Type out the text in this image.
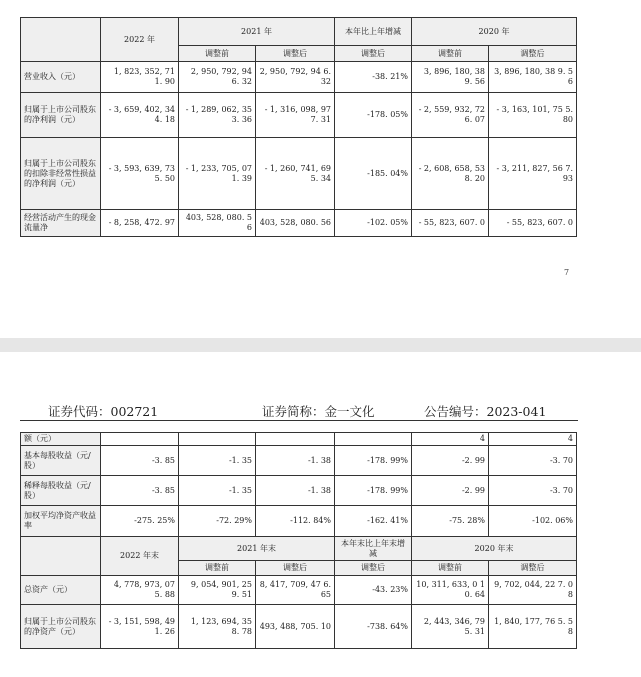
	2022 年	2021 年		本年比上年增减	2020 年	
		调整前	调整后	调整后	调整前	调整后
营业收入（元）	1, 823, 352, 71 1. 90	2, 950, 792, 94 6. 32	2, 950, 792, 94 6. 32	-38. 21%	3, 896, 180, 38 9. 56	3, 896, 180, 38 9. 56
归属于上市公司股东的净利润（元）	- 3, 659, 402, 34 4. 18	- 1, 289, 062, 35 3. 36	- 1, 316, 098, 97 7. 31	-178. 05%	- 2, 559, 932, 72 6. 07	- 3, 163, 101, 75 5. 80
归属于上市公司股东的扣除非经常性损益的净利润（元）	- 3, 593, 639, 73 5. 50	- 1, 233, 705, 07 1. 39	- 1, 260, 741, 69 5. 34	-185. 04%	- 2, 608, 658, 53 8. 20	- 3, 211, 827, 56 7. 93
经营活动产生的现金流量净	- 8, 258, 472. 97	403, 528, 080. 56	403, 528, 080. 56	-102. 05%	- 55, 823, 607. 0	- 55, 823, 607. 0
7
证券代码：002721	证券简称：金一文化	公告编号：2023-041
额（元）					4	4
基本每股收益（元/股）	-3. 85	-1. 35	-1. 38	-178. 99%	-2. 99	-3. 70
稀释每股收益（元/股）	-3. 85	-1. 35	-1. 38	-178. 99%	-2. 99	-3. 70
加权平均净资产收益率	-275. 25%	-72. 29%	-112. 84%	-162. 41%	-75. 28%	-102. 06%
	2022 年末	2021 年末		本年末比上年末增减	2020 年末	
		调整前	调整后	调整后	调整前	调整后
总资产（元）	4, 778, 973, 07 5. 88	9, 054, 901, 25 9. 51	8, 417, 709, 47 6. 65	-43. 23%	10, 311, 633, 0 10. 64	9, 702, 044, 22 7. 08
归属于上市公司股东的净资产（元）	- 3, 151, 598, 49 1. 26	1, 123, 694, 35 8. 78	493, 488, 705. 10	-738. 64%	2, 443, 346, 79 5. 31	1, 840, 177, 76 5. 58
